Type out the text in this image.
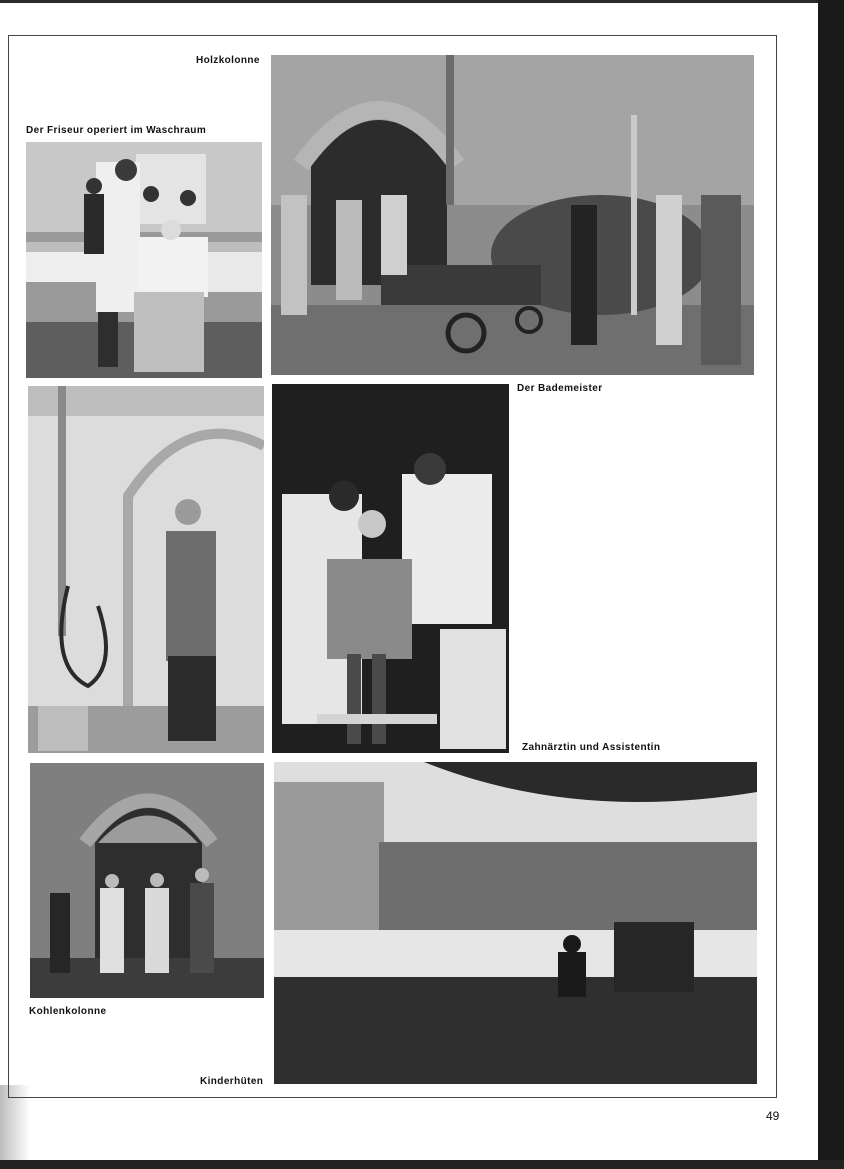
Holzkolonne
Der Friseur operiert im Waschraum
Der Bademeister
Zahnärztin und Assistentin
Kohlenkolonne
Kinderhüten
49
